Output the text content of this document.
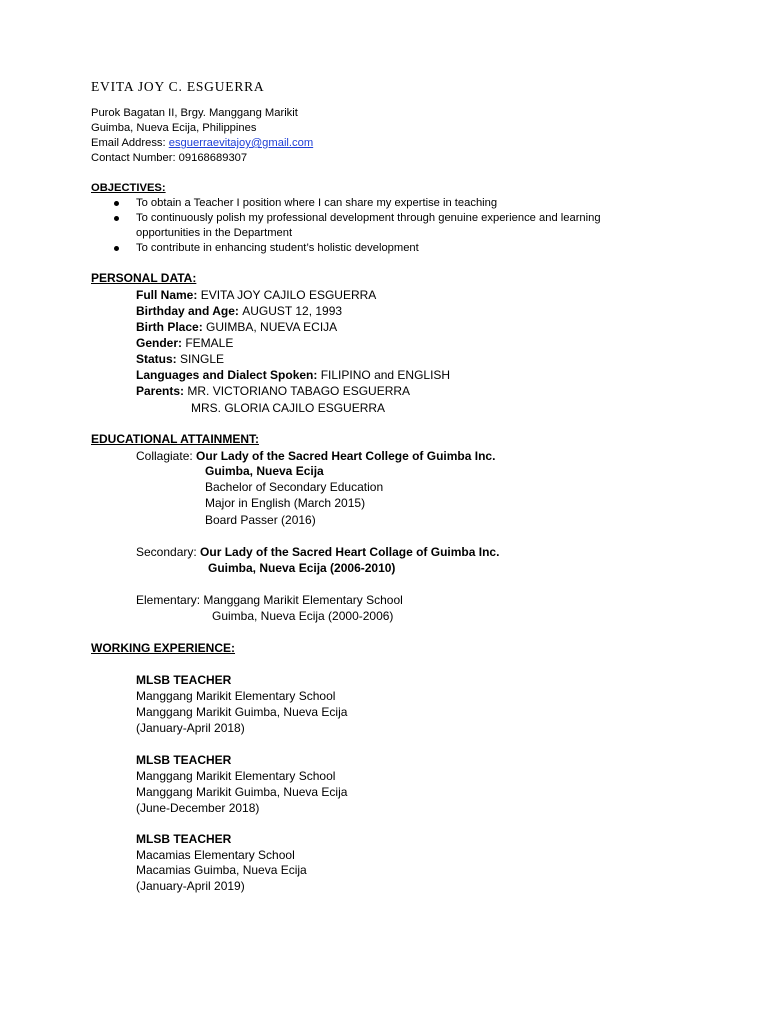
EVITA JOY C. ESGUERRA
Purok Bagatan II, Brgy. Manggang Marikit
Guimba, Nueva Ecija, Philippines
Email Address: esguerraevitajoy@gmail.com
Contact Number: 09168689307
OBJECTIVES:
To obtain a Teacher I position where I can share my expertise in teaching
To continuously polish my professional development through genuine experience and learning
opportunities in the Department
To contribute in enhancing student’s holistic development
PERSONAL DATA:
Full Name: EVITA JOY CAJILO ESGUERRA
Birthday and Age: AUGUST 12, 1993
Birth Place: GUIMBA, NUEVA ECIJA
Gender: FEMALE
Status: SINGLE
Languages and Dialect Spoken: FILIPINO and ENGLISH
Parents: MR. VICTORIANO TABAGO ESGUERRA
MRS. GLORIA CAJILO ESGUERRA
EDUCATIONAL ATTAINMENT:
Collagiate: Our Lady of the Sacred Heart College of Guimba Inc.
Guimba, Nueva Ecija
Bachelor of Secondary Education
Major in English (March 2015)
Board Passer (2016)
Secondary: Our Lady of the Sacred Heart Collage of Guimba Inc.
Guimba, Nueva Ecija (2006-2010)
Elementary: Manggang Marikit Elementary School
Guimba, Nueva Ecija (2000-2006)
WORKING EXPERIENCE:
MLSB TEACHER
Manggang Marikit Elementary School
Manggang Marikit Guimba, Nueva Ecija
(January-April 2018)
MLSB TEACHER
Manggang Marikit Elementary School
Manggang Marikit Guimba, Nueva Ecija
(June-December 2018)
MLSB TEACHER
Macamias Elementary School
Macamias Guimba, Nueva Ecija
(January-April 2019)
